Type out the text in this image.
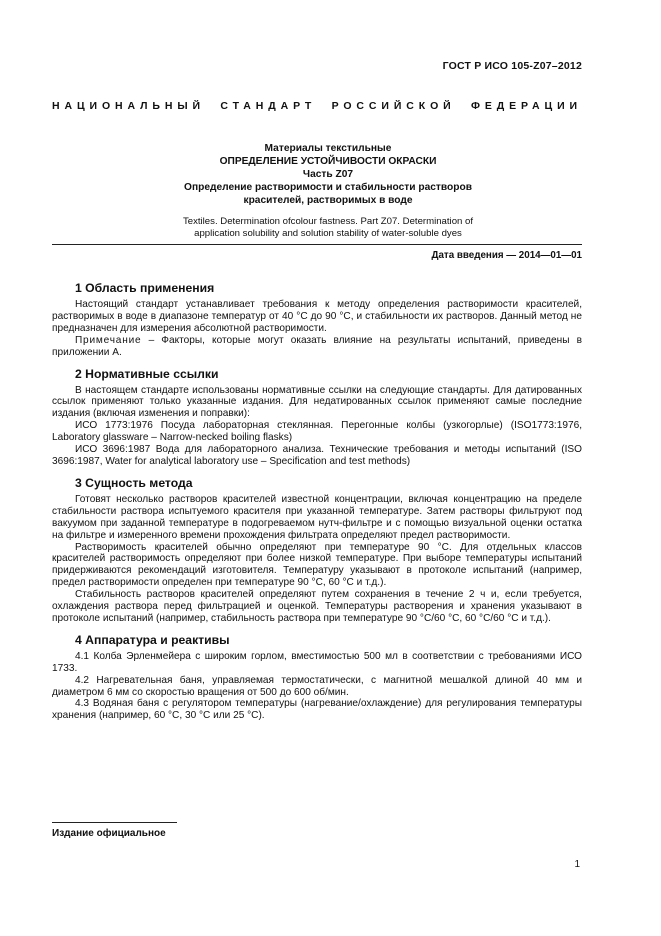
ГОСТ Р ИСО 105-Z07–2012
НАЦИОНАЛЬНЫЙ СТАНДАРТ РОССИЙСКОЙ ФЕДЕРАЦИИ
Материалы текстильные
ОПРЕДЕЛЕНИЕ УСТОЙЧИВОСТИ ОКРАСКИ
Часть Z07
Определение растворимости и стабильности растворов
красителей, растворимых в воде
Textiles. Determination ofcolour fastness. Part Z07. Determination of
application solubility and solution stability of water-soluble dyes
Дата введения — 2014—01—01
1 Область применения

Настоящий стандарт устанавливает требования к методу определения растворимости красителей, растворимых в воде в диапазоне температур от 40 °С до 90 °С, и стабильности их растворов. Данный метод не предназначен для измерения абсолютной растворимости.

Примечание – Факторы, которые могут оказать влияние на результаты испытаний, приведены в приложении А.

2 Нормативные ссылки

В настоящем стандарте использованы нормативные ссылки на следующие стандарты. Для датированных ссылок применяют только указанные издания. Для недатированных ссылок применяют самые последние издания (включая изменения и поправки):

ИСО 1773:1976 Посуда лабораторная стеклянная. Перегонные колбы (узкогорлые) (ISO1773:1976, Laboratory glassware – Narrow-necked boiling flasks)

ИСО 3696:1987 Вода для лабораторного анализа. Технические требования и методы испытаний (ISO 3696:1987, Water for analytical laboratory use – Specification and test methods)

3 Сущность метода

Готовят несколько растворов красителей известной концентрации, включая концентрацию на пределе стабильности раствора испытуемого красителя при указанной температуре. Затем растворы фильтруют под вакуумом при заданной температуре в подогреваемом нутч-фильтре и с помощью визуальной оценки остатка на фильтре и измеренного времени прохождения фильтрата определяют предел растворимости.

Растворимость красителей обычно определяют при температуре 90 °С. Для отдельных классов красителей растворимость определяют при более низкой температуре. При выборе температуры испытаний придерживаются рекомендаций изготовителя. Температуру указывают в протоколе испытаний (например, предел растворимости определен при температуре 90 °С, 60 °С и т.д.).

Стабильность растворов красителей определяют путем сохранения в течение 2 ч и, если требуется, охлаждения раствора перед фильтрацией и оценкой. Температуры растворения и хранения указывают в протоколе испытаний (например, стабильность раствора при температуре 90 °С/60 °С, 60 °С/60 °С и т.д.).

4 Аппаратура и реактивы

4.1 Колба Эрленмейера с широким горлом, вместимостью 500 мл в соответствии с требованиями ИСО 1733.

4.2 Нагревательная баня, управляемая термостатически, с магнитной мешалкой длиной 40 мм и диаметром 6 мм со скоростью вращения от 500 до 600 об/мин.

4.3 Водяная баня с регулятором температуры (нагревание/охлаждение) для регулирования температуры хранения (например, 60 °С, 30 °С или 25 °С).

Издание официальное
1
